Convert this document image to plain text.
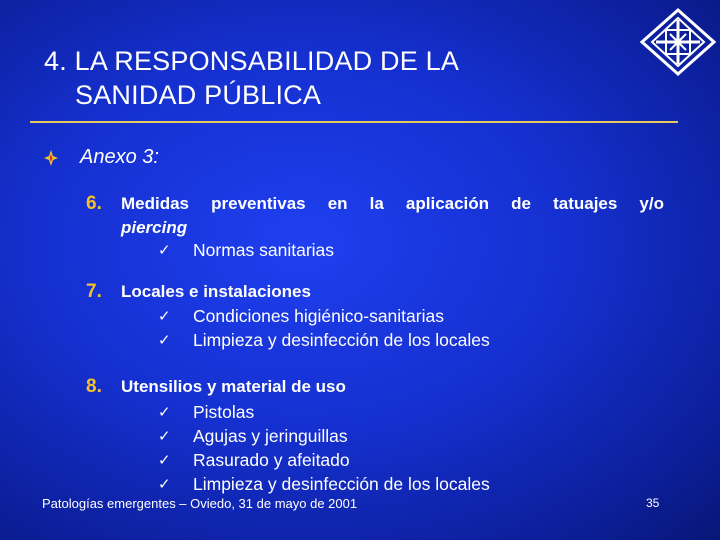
4. LA RESPONSABILIDAD DE LA
SANIDAD PÚBLICA
Anexo 3:
6. Medidas preventivas en la aplicación de tatuajes y/o
piercing
✓ Normas sanitarias
7. Locales e instalaciones
✓ Condiciones higiénico-sanitarias
✓ Limpieza y desinfección de los locales
8. Utensilios y material de uso
✓ Pistolas
✓ Agujas y jeringuillas
✓ Rasurado y afeitado
✓ Limpieza y desinfección de los locales
Patologías emergentes – Oviedo, 31 de mayo de 2001	35
